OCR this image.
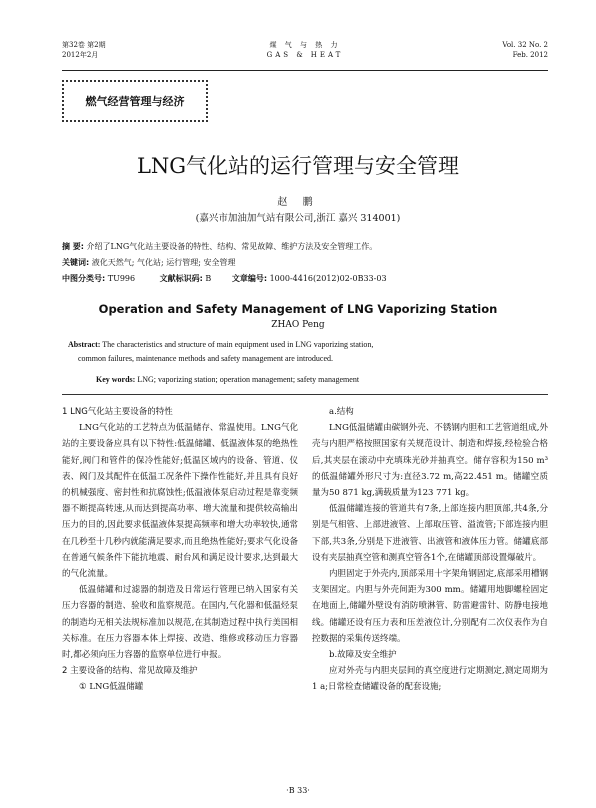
第32卷 第2期
2012年2月
煤 气 与 热 力
GAS & HEAT
Vol. 32 No. 2
Feb. 2012
燃气经营管理与经济
LNG气化站的运行管理与安全管理
赵 鹏
(嘉兴市加油加气站有限公司,浙江 嘉兴 314001)
摘 要: 介绍了LNG气化站主要设备的特性、结构、常见故障、维护方法及安全管理工作。
关键词: 液化天然气; 气化站; 运行管理; 安全管理
中图分类号: TU996	文献标识码: B	文章编号: 1000-4416(2012)02-0B33-03
Operation and Safety Management of LNG Vaporizing Station
ZHAO Peng

Abstract: The characteristics and structure of main equipment used in LNG vaporizing station,

common failures, maintenance methods and safety management are introduced.

Key words: LNG; vaporizing station; operation management; safety management

1 LNG气化站主要设备的特性

LNG气化站的工艺特点为低温储存、常温使用。LNG气化站的主要设备应具有以下特性:低温储罐、低温液体泵的绝热性能好,阀门和管件的保冷性能好;低温区域内的设备、管道、仪表、阀门及其配件在低温工况条件下操作性能好,并且具有良好的机械强度、密封性和抗腐蚀性;低温液体泵启动过程是靠变频器不断提高转速,从而达到提高功率、增大流量和提供较高输出压力的目的,因此要求低温液体泵提高频率和增大功率较快,通常在几秒至十几秒内就能满足要求,而且绝热性能好;要求气化设备在普通气候条件下能抗地震、耐台风和满足设计要求,达到最大的气化流量。

低温储罐和过滤器的制造及日常运行管理已纳入国家有关压力容器的制造、验收和监察规范。在国内,气化器和低温烃泵的制造均无相关法规标准加以规范,在其制造过程中执行美国相关标准。在压力容器本体上焊接、改造、维修或移动压力容器时,都必须向压力容器的监察单位进行申报。

2 主要设备的结构、常见故障及维护

① LNG低温储罐

a.结构

LNG低温储罐由碳钢外壳、不锈钢内胆和工艺管道组成,外壳与内胆严格按照国家有关规范设计、制造和焊接,经检验合格后,其夹层在滚动中充填珠光砂并抽真空。储存容积为150 m³的低温储罐外形尺寸为:直径3.72 m,高22.451 m。储罐空质量为50 871 kg,满载质量为123 771 kg。

低温储罐连接的管道共有7条,上部连接内胆顶部,共4条,分别是气相管、上部进液管、上部取压管、溢流管;下部连接内胆下部,共3条,分别是下进液管、出液管和液体压力管。储罐底部设有夹层抽真空管和测真空管各1个,在储罐顶部设置爆破片。

内胆固定于外壳内,顶部采用十字架角钢固定,底部采用槽钢支架固定。内胆与外壳间距为300 mm。储罐用地脚螺栓固定在地面上,储罐外壁设有消防喷淋管、防雷避雷针、防静电接地线。储罐还设有压力表和压差液位计,分别配有二次仪表作为自控数据的采集传送终端。

b.故障及安全维护

应对外壳与内胆夹层间的真空度进行定期测定,测定周期为1 a;日常检查储罐设备的配套设施;

·B 33·
